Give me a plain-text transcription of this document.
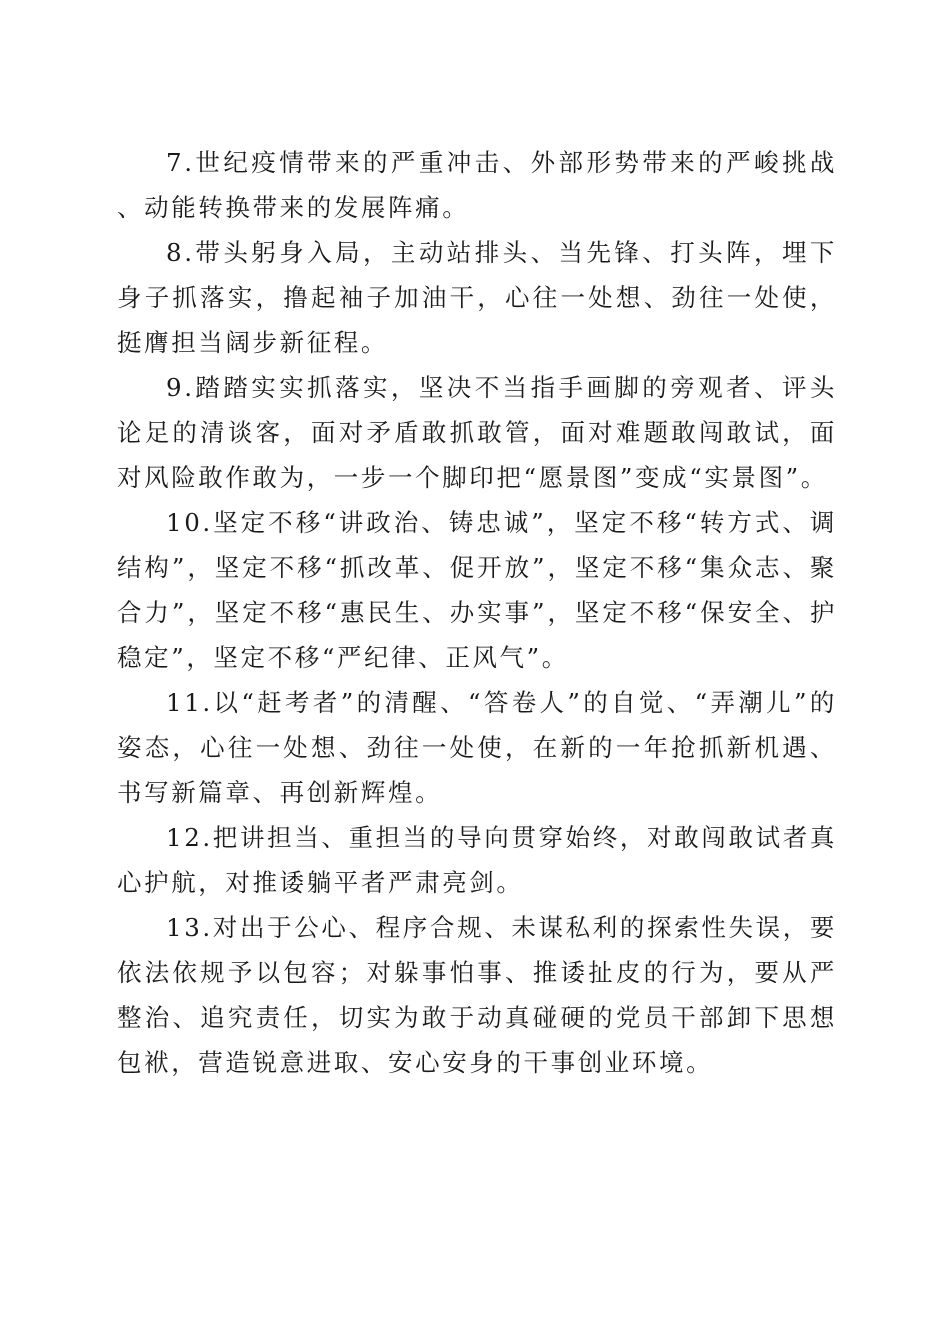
7.世纪疫情带来的严重冲击、外部形势带来的严峻挑战、动能转换带来的发展阵痛。

8.带头躬身入局，主动站排头、当先锋、打头阵，埋下身子抓落实，撸起袖子加油干，心往一处想、劲往一处使，挺膺担当阔步新征程。

9.踏踏实实抓落实，坚决不当指手画脚的旁观者、评头论足的清谈客，面对矛盾敢抓敢管，面对难题敢闯敢试，面对风险敢作敢为，一步一个脚印把“愿景图”变成“实景图”。

10.坚定不移“讲政治、铸忠诚”，坚定不移“转方式、调结构”，坚定不移“抓改革、促开放”，坚定不移“集众志、聚合力”，坚定不移“惠民生、办实事”，坚定不移“保安全、护稳定”，坚定不移“严纪律、正风气”。

11.以“赶考者”的清醒、“答卷人”的自觉、“弄潮儿”的姿态，心往一处想、劲往一处使，在新的一年抢抓新机遇、书写新篇章、再创新辉煌。

12.把讲担当、重担当的导向贯穿始终，对敢闯敢试者真心护航，对推诿躺平者严肃亮剑。

13.对出于公心、程序合规、未谋私利的探索性失误，要依法依规予以包容；对躲事怕事、推诿扯皮的行为，要从严整治、追究责任，切实为敢于动真碰硬的党员干部卸下思想包袱，营造锐意进取、安心安身的干事创业环境。
